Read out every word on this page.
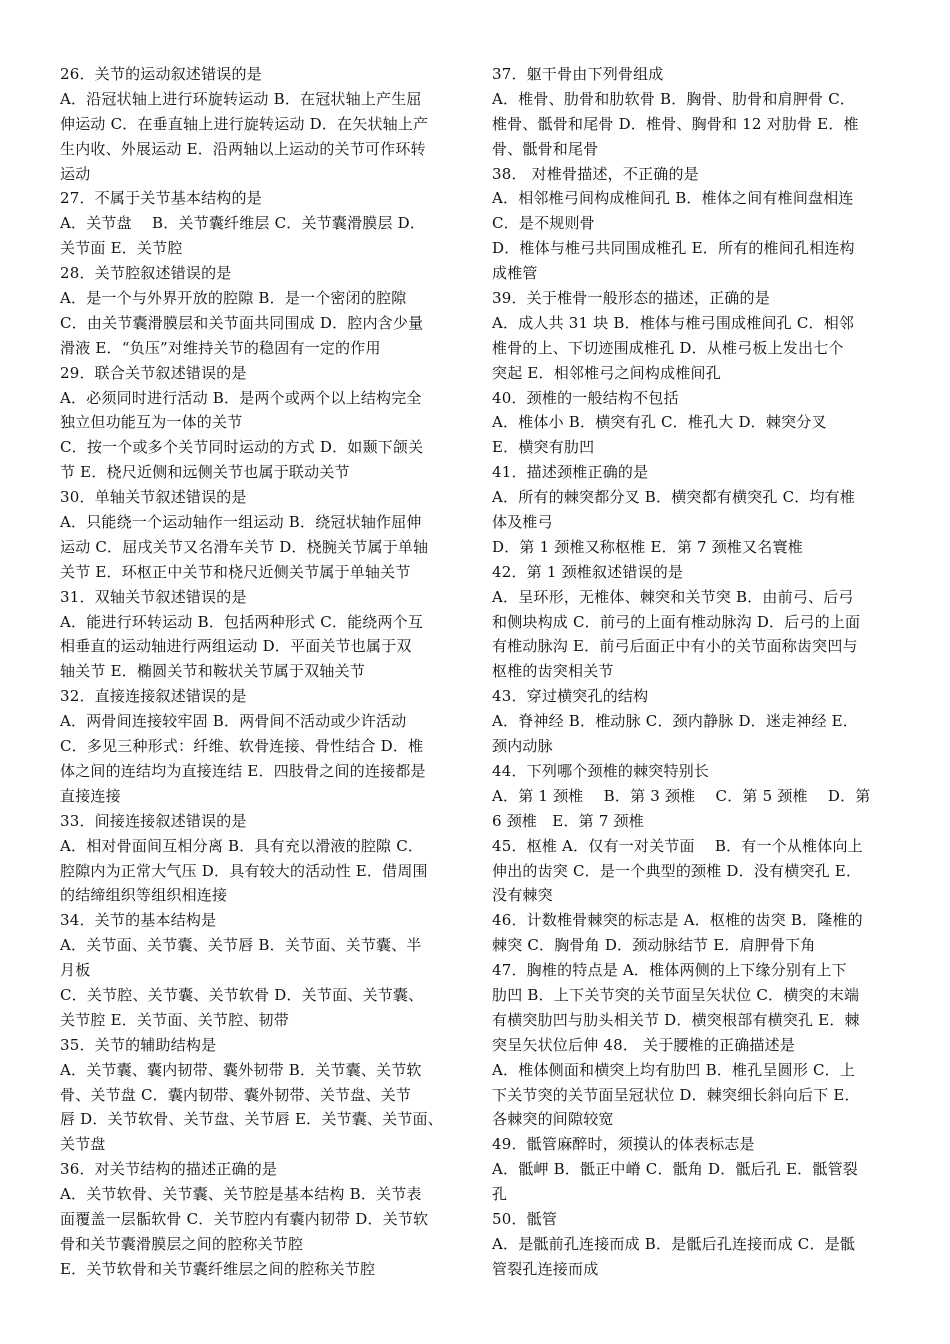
26．关节的运动叙述错误的是
A．沿冠状轴上进行环旋转运动 B．在冠状轴上产生屈
伸运动 C．在垂直轴上进行旋转运动 D．在矢状轴上产
生内收、外展运动 E．沿两轴以上运动的关节可作环转
运动
27．不属于关节基本结构的是
A．关节盘　 B．关节囊纤维层 C．关节囊滑膜层 D．
关节面 E．关节腔
28．关节腔叙述错误的是
A．是一个与外界开放的腔隙 B．是一个密闭的腔隙
C．由关节囊滑膜层和关节面共同围成 D．腔内含少量
滑液 E．“负压”对维持关节的稳固有一定的作用
29．联合关节叙述错误的是
A．必须同时进行活动 B．是两个或两个以上结构完全
独立但功能互为一体的关节
C．按一个或多个关节同时运动的方式 D．如颞下颌关
节 E．桡尺近侧和远侧关节也属于联动关节
30．单轴关节叙述错误的是
A．只能绕一个运动轴作一组运动 B．绕冠状轴作屈伸
运动 C．屈戌关节又名滑车关节 D．桡腕关节属于单轴
关节 E．环枢正中关节和桡尺近侧关节属于单轴关节
31．双轴关节叙述错误的是
A．能进行环转运动 B．包括两种形式 C．能绕两个互
相垂直的运动轴进行两组运动 D．平面关节也属于双
轴关节 E．椭圆关节和鞍状关节属于双轴关节
32．直接连接叙述错误的是
A．两骨间连接较牢固 B．两骨间不活动或少许活动
C．多见三种形式：纤维、软骨连接、骨性结合 D．椎
体之间的连结均为直接连结 E．四肢骨之间的连接都是
直接连接
33．间接连接叙述错误的是
A．相对骨面间互相分离 B．具有充以滑液的腔隙 C．
腔隙内为正常大气压 D．具有较大的活动性 E．借周围
的结缔组织等组织相连接
34．关节的基本结构是
A．关节面、关节囊、关节唇 B．关节面、关节囊、半
月板
C．关节腔、关节囊、关节软骨 D．关节面、关节囊、
关节腔 E．关节面、关节腔、韧带
35．关节的辅助结构是
A．关节囊、囊内韧带、囊外韧带 B．关节囊、关节软
骨、关节盘 C．囊内韧带、囊外韧带、关节盘、关节
唇 D．关节软骨、关节盘、关节唇 E．关节囊、关节面、
关节盘
36．对关节结构的描述正确的是
A．关节软骨、关节囊、关节腔是基本结构 B．关节表
面覆盖一层骺软骨 C．关节腔内有囊内韧带 D．关节软
骨和关节囊滑膜层之间的腔称关节腔
E．关节软骨和关节囊纤维层之间的腔称关节腔
37．躯干骨由下列骨组成
A．椎骨、肋骨和肋软骨 B．胸骨、肋骨和肩胛骨 C．
椎骨、骶骨和尾骨 D．椎骨、胸骨和 12 对肋骨 E．椎
骨、骶骨和尾骨
38． 对椎骨描述，不正确的是
A．相邻椎弓间构成椎间孔 B．椎体之间有椎间盘相连
C．是不规则骨
D．椎体与椎弓共同围成椎孔 E．所有的椎间孔相连构
成椎管
39．关于椎骨一般形态的描述，正确的是
A．成人共 31 块 B．椎体与椎弓围成椎间孔 C．相邻
椎骨的上、下切迹围成椎孔 D．从椎弓板上发出七个
突起 E．相邻椎弓之间构成椎间孔
40．颈椎的一般结构不包括
A．椎体小 B．横突有孔 C．椎孔大 D．棘突分叉
E．横突有肋凹
41．描述颈椎正确的是
A．所有的棘突都分叉 B．横突都有横突孔 C．均有椎
体及椎弓
D．第 1 颈椎又称枢椎 E．第 7 颈椎又名寰椎
42．第 1 颈椎叙述错误的是
A．呈环形，无椎体、棘突和关节突 B．由前弓、后弓
和侧块构成 C．前弓的上面有椎动脉沟 D．后弓的上面
有椎动脉沟 E．前弓后面正中有小的关节面称齿突凹与
枢椎的齿突相关节
43．穿过横突孔的结构
A．脊神经 B．椎动脉 C．颈内静脉 D．迷走神经 E．
颈内动脉
44．下列哪个颈椎的棘突特别长
A．第 1 颈椎　 B．第 3 颈椎　 C．第 5 颈椎　 D．第
6 颈椎　E．第 7 颈椎
45．枢椎 A．仅有一对关节面　 B．有一个从椎体向上
伸出的齿突 C．是一个典型的颈椎 D．没有横突孔 E．
没有棘突
46．计数椎骨棘突的标志是 A．枢椎的齿突 B．隆椎的
棘突 C．胸骨角 D．颈动脉结节 E．肩胛骨下角
47．胸椎的特点是 A．椎体两侧的上下缘分别有上下
肋凹 B．上下关节突的关节面呈矢状位 C．横突的末端
有横突肋凹与肋头相关节 D．横突根部有横突孔 E．棘
突呈矢状位后伸 48． 关于腰椎的正确描述是
A．椎体侧面和横突上均有肋凹 B．椎孔呈圆形 C．上
下关节突的关节面呈冠状位 D．棘突细长斜向后下 E．
各棘突的间隙较宽
49．骶管麻醉时，须摸认的体表标志是
A．骶岬 B．骶正中嵴 C．骶角 D．骶后孔 E．骶管裂
孔
50．骶管
A．是骶前孔连接而成 B．是骶后孔连接而成 C．是骶
管裂孔连接而成
